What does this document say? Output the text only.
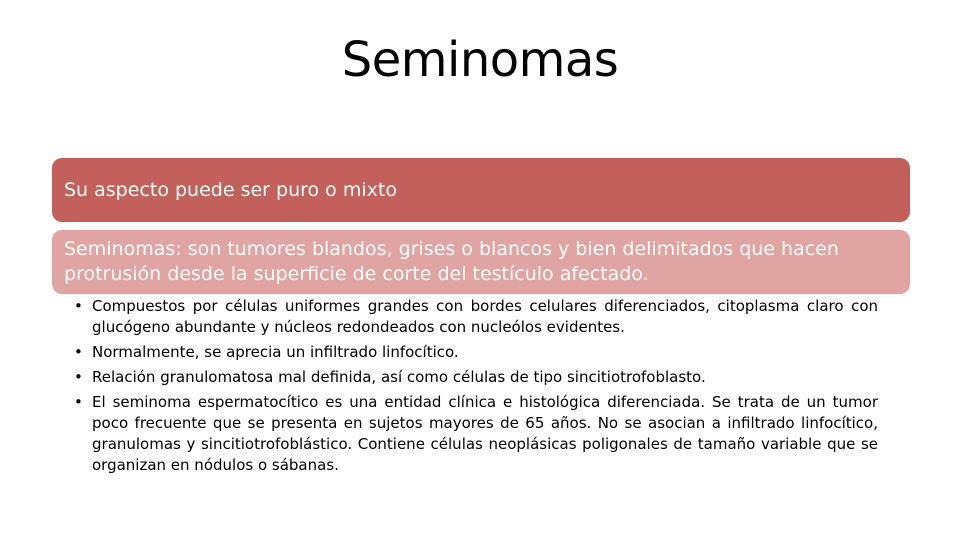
Seminomas
Su aspecto puede ser puro o mixto
Seminomas: son tumores blandos, grises o blancos y bien delimitados que hacen protrusión desde la superficie de corte del testículo afectado.
• Compuestos por células uniformes grandes con bordes celulares diferenciados, citoplasma claro con glucógeno abundante y núcleos redondeados con nucleólos evidentes.
• Normalmente, se aprecia un infiltrado linfocítico.
• Relación granulomatosa mal definida, así como células de tipo sincitiotrofoblasto.
• El seminoma espermatocítico es una entidad clínica e histológica diferenciada. Se trata de un tumor poco frecuente que se presenta en sujetos mayores de 65 años. No se asocian a infiltrado linfocítico, granulomas y sincitiotrofoblástico. Contiene células neoplásicas poligonales de tamaño variable que se organizan en nódulos o sábanas.
